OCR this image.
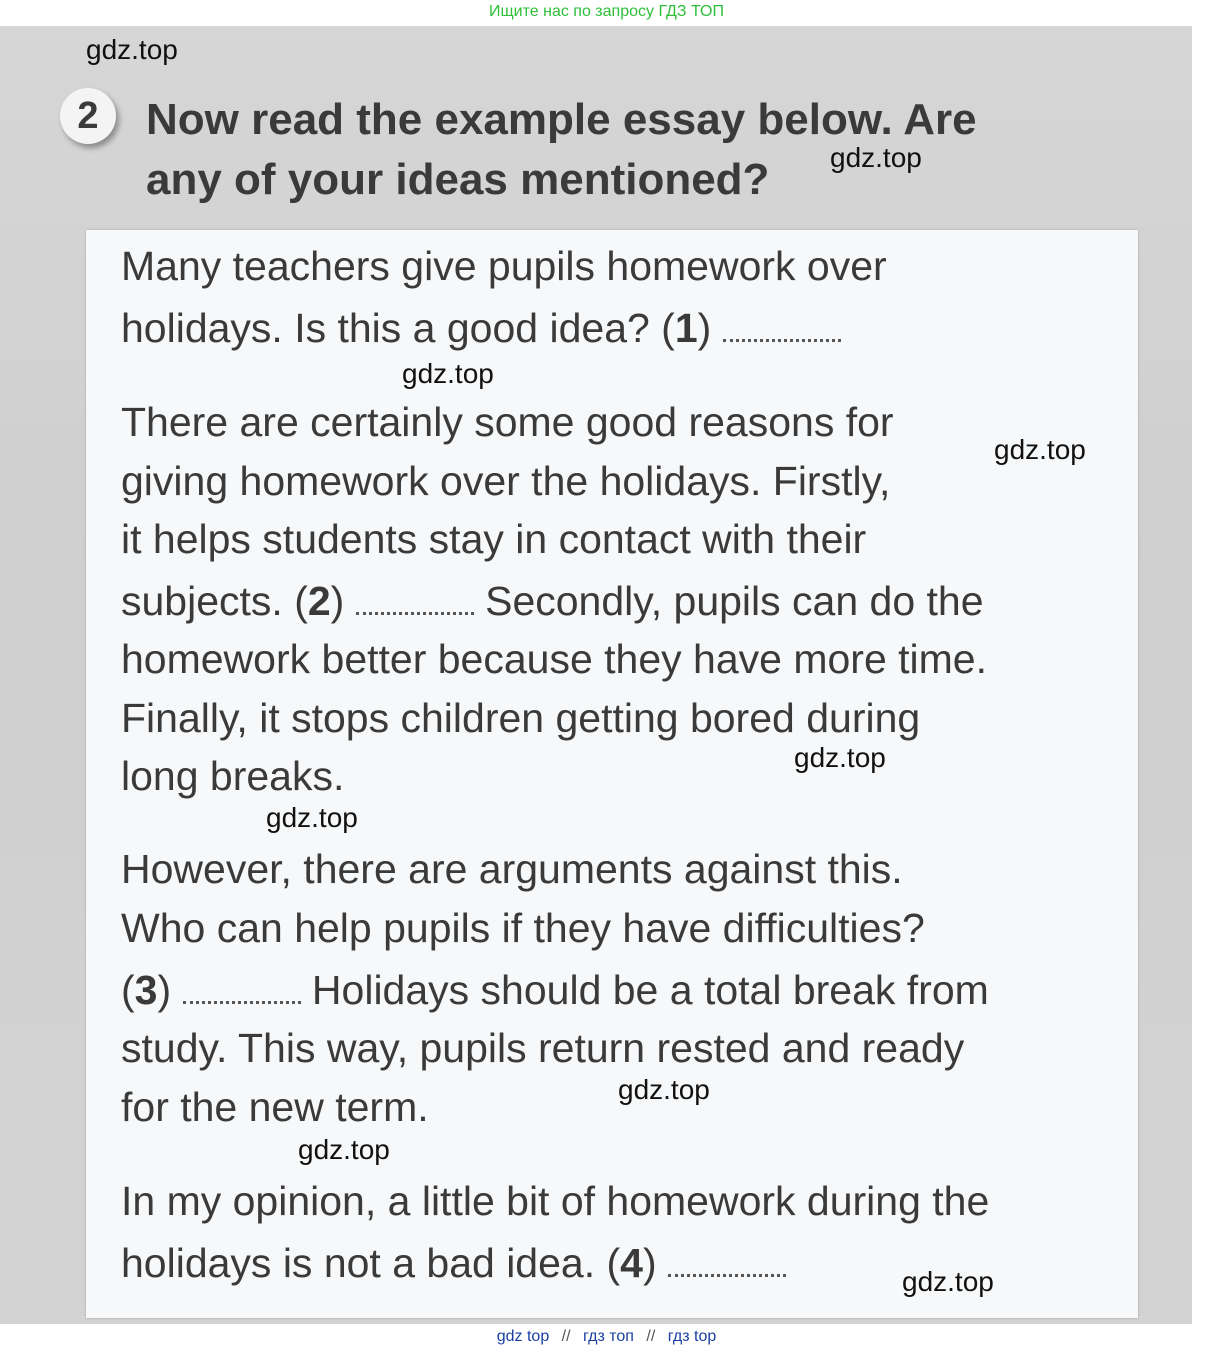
Ищите нас по запросу ГДЗ ТОП
2	Now read the example essay below. Are
any of your ideas mentioned?
Many teachers give pupils homework over
holidays. Is this a good idea? (1)
There are certainly some good reasons for
giving homework over the holidays. Firstly,
it helps students stay in contact with their
subjects. (2)	Secondly, pupils can do the
homework better because they have more time.
Finally, it stops children getting bored during
long breaks.
However, there are arguments against this.
Who can help pupils if they have difficulties?
(3)	Holidays should be a total break from
study. This way, pupils return rested and ready
for the new term.
In my opinion, a little bit of homework during the
holidays is not a bad idea. (4)
gdz.top
gdz.top
gdz.top
gdz.top
gdz.top
gdz.top
gdz.top
gdz.top
gdz.top
gdz top // гдз топ // гдз top
